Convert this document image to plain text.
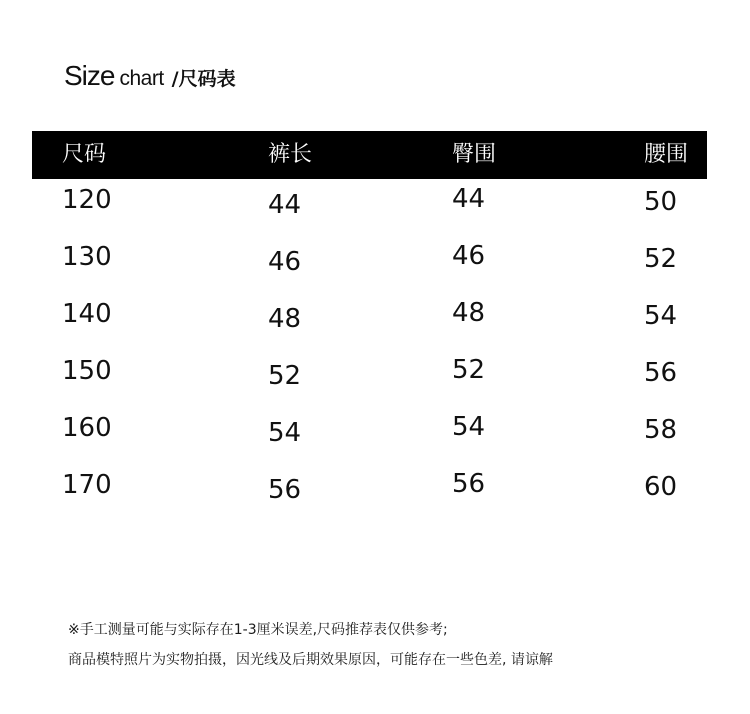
Size chart /尺码表
尺码	裤长	臀围	腰围
120	44	44	50
130	46	46	52
140	48	48	54
150	52	52	56
160	54	54	58
170	56	56	60
※手工测量可能与实际存在1-3厘米误差,尺码推荐表仅供参考;
商品模特照片为实物拍摄，因光线及后期效果原因，可能存在一些色差, 请谅解
